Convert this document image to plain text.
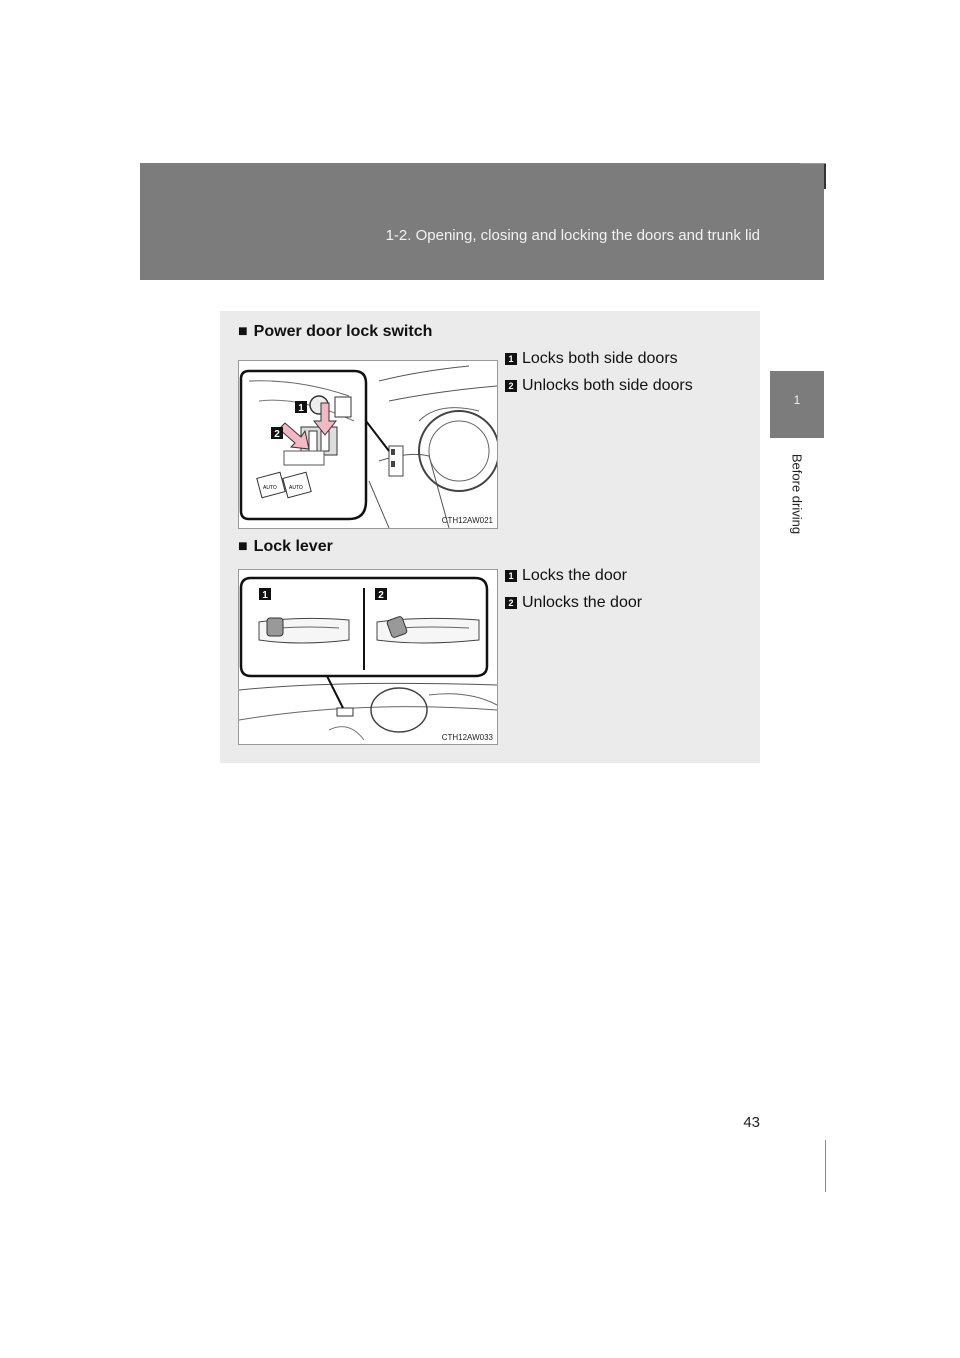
1-2. Opening, closing and locking the doors and trunk lid
1
Before driving
■ Power door lock switch
AUTO AUTO
1
2
CTH12AW021
1 Locks both side doors
2 Unlocks both side doors
■ Lock lever
1	2
CTH12AW033
1 Locks the door
2 Unlocks the door
43
